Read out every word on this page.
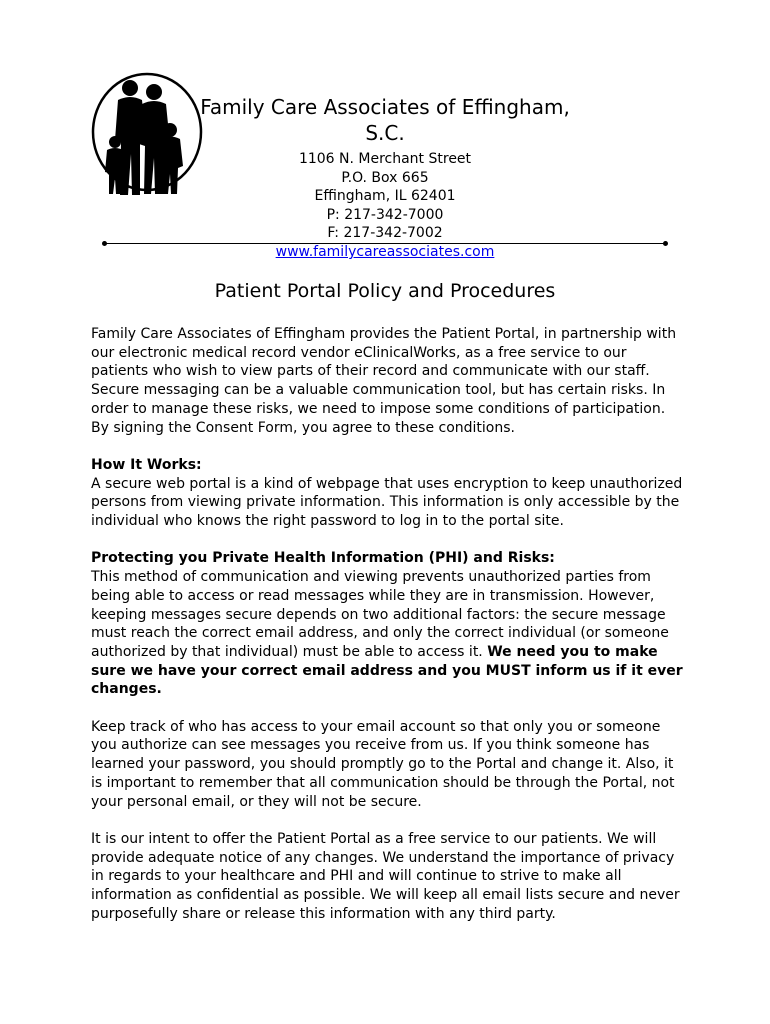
Family Care Associates of Effingham, S.C.
1106 N. Merchant Street
P.O. Box 665
Effingham, IL 62401
P: 217-342-7000
F: 217-342-7002
www.familycareassociates.com
Patient Portal Policy and Procedures

Family Care Associates of Effingham provides the Patient Portal, in partnership with our electronic medical record vendor eClinicalWorks, as a free service to our patients who wish to view parts of their record and communicate with our staff. Secure messaging can be a valuable communication tool, but has certain risks. In order to manage these risks, we need to impose some conditions of participation. By signing the Consent Form, you agree to these conditions.

How It Works:
A secure web portal is a kind of webpage that uses encryption to keep unauthorized persons from viewing private information. This information is only accessible by the individual who knows the right password to log in to the portal site.

Protecting you Private Health Information (PHI) and Risks:
This method of communication and viewing prevents unauthorized parties from being able to access or read messages while they are in transmission. However, keeping messages secure depends on two additional factors: the secure message must reach the correct email address, and only the correct individual (or someone authorized by that individual) must be able to access it. We need you to make sure we have your correct email address and you MUST inform us if it ever changes.

Keep track of who has access to your email account so that only you or someone you authorize can see messages you receive from us. If you think someone has learned your password, you should promptly go to the Portal and change it. Also, it is important to remember that all communication should be through the Portal, not your personal email, or they will not be secure.

It is our intent to offer the Patient Portal as a free service to our patients. We will provide adequate notice of any changes. We understand the importance of privacy in regards to your healthcare and PHI and will continue to strive to make all information as confidential as possible. We will keep all email lists secure and never purposefully share or release this information with any third party.
